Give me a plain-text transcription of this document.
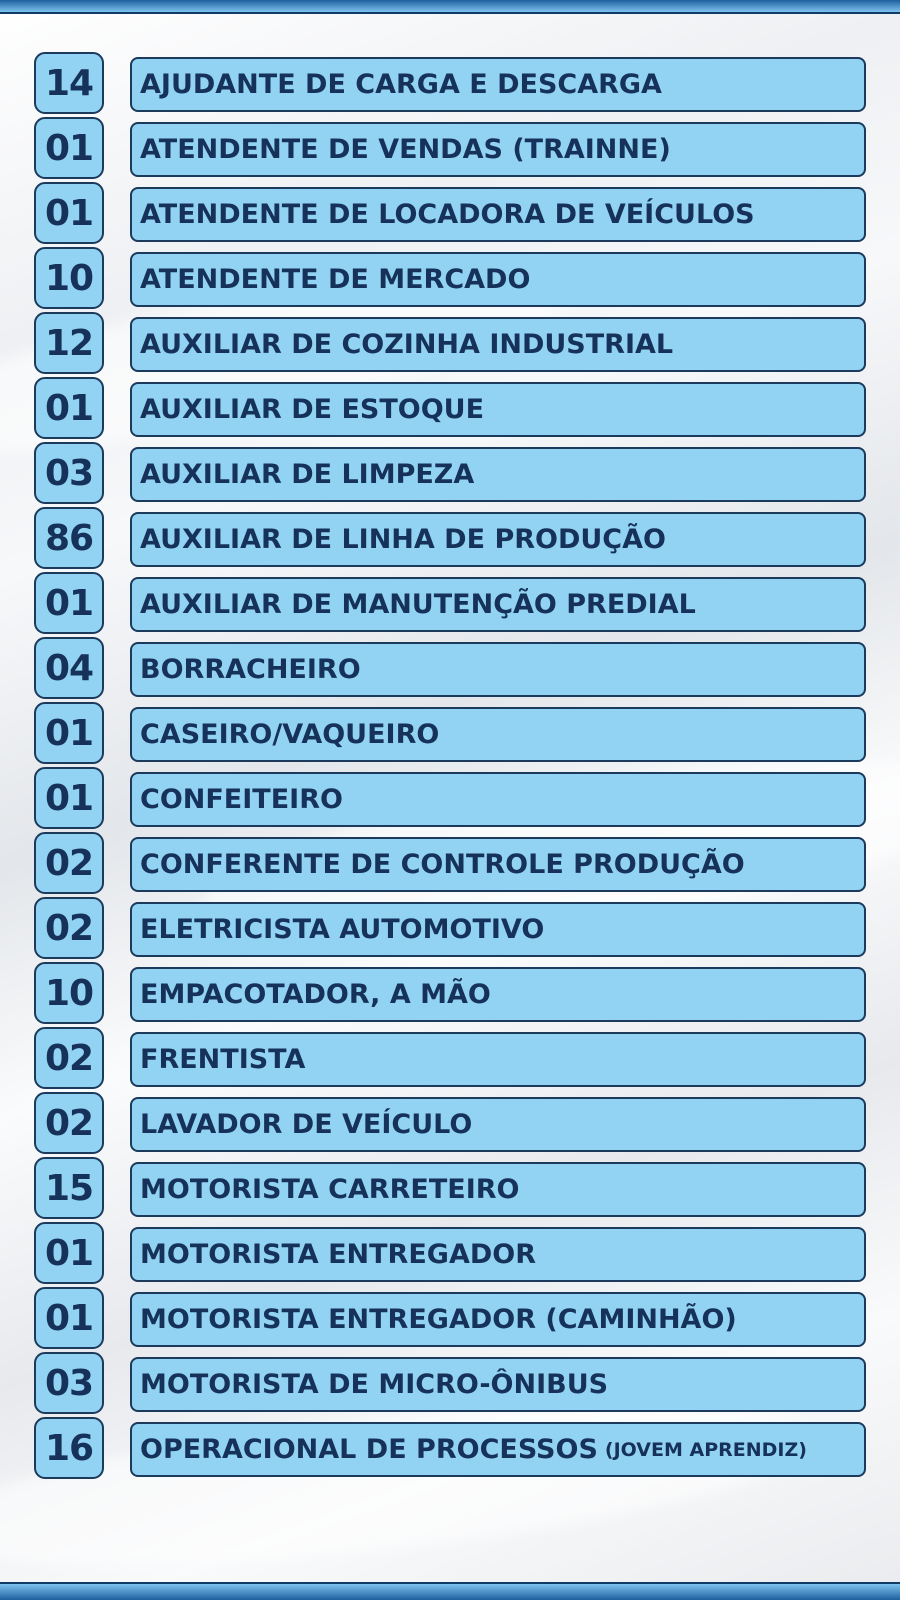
14	AJUDANTE DE CARGA E DESCARGA
01	ATENDENTE DE VENDAS (TRAINNE)
01	ATENDENTE DE LOCADORA DE VEÍCULOS
10	ATENDENTE DE MERCADO
12	AUXILIAR DE COZINHA INDUSTRIAL
01	AUXILIAR DE ESTOQUE
03	AUXILIAR DE LIMPEZA
86	AUXILIAR DE LINHA DE PRODUÇÃO
01	AUXILIAR DE MANUTENÇÃO PREDIAL
04	BORRACHEIRO
01	CASEIRO/VAQUEIRO
01	CONFEITEIRO
02	CONFERENTE DE CONTROLE PRODUÇÃO
02	ELETRICISTA AUTOMOTIVO
10	EMPACOTADOR, A MÃO
02	FRENTISTA
02	LAVADOR DE VEÍCULO
15	MOTORISTA CARRETEIRO
01	MOTORISTA ENTREGADOR
01	MOTORISTA ENTREGADOR (CAMINHÃO)
03	MOTORISTA DE MICRO-ÔNIBUS
16	OPERACIONAL DE PROCESSOS (JOVEM APRENDIZ)
